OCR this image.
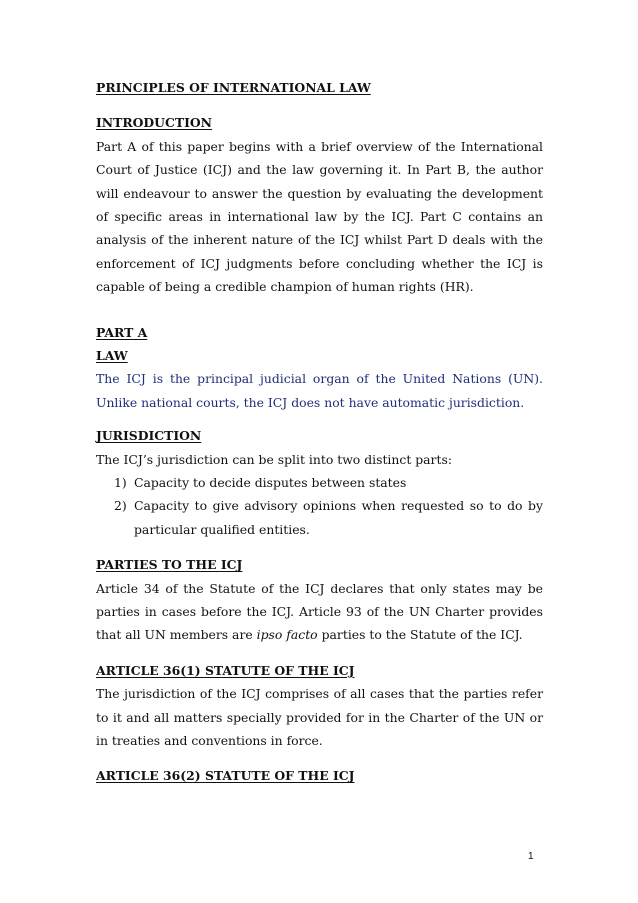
PRINCIPLES OF INTERNATIONAL LAW

INTRODUCTION

Part A of this paper begins with a brief overview of the International Court of Justice (ICJ) and the law governing it. In Part B, the author will endeavour to answer the question by evaluating the development of specific areas in international law by the ICJ. Part C contains an analysis of the inherent nature of the ICJ whilst Part D deals with the enforcement of ICJ judgments before concluding whether the ICJ is capable of being a credible champion of human rights (HR).

PART A

LAW

The ICJ is the principal judicial organ of the United Nations (UN). Unlike national courts, the ICJ does not have automatic jurisdiction.

JURISDICTION

The ICJ’s jurisdiction can be split into two distinct parts:

1) Capacity to decide disputes between states
2) Capacity to give advisory opinions when requested so to do by particular qualified entities.

PARTIES TO THE ICJ

Article 34 of the Statute of the ICJ declares that only states may be parties in cases before the ICJ. Article 93 of the UN Charter provides that all UN members are ipso facto parties to the Statute of the ICJ.

ARTICLE 36(1) STATUTE OF THE ICJ

The jurisdiction of the ICJ comprises of all cases that the parties refer to it and all matters specially provided for in the Charter of the UN or in treaties and conventions in force.

ARTICLE 36(2) STATUTE OF THE ICJ

1
